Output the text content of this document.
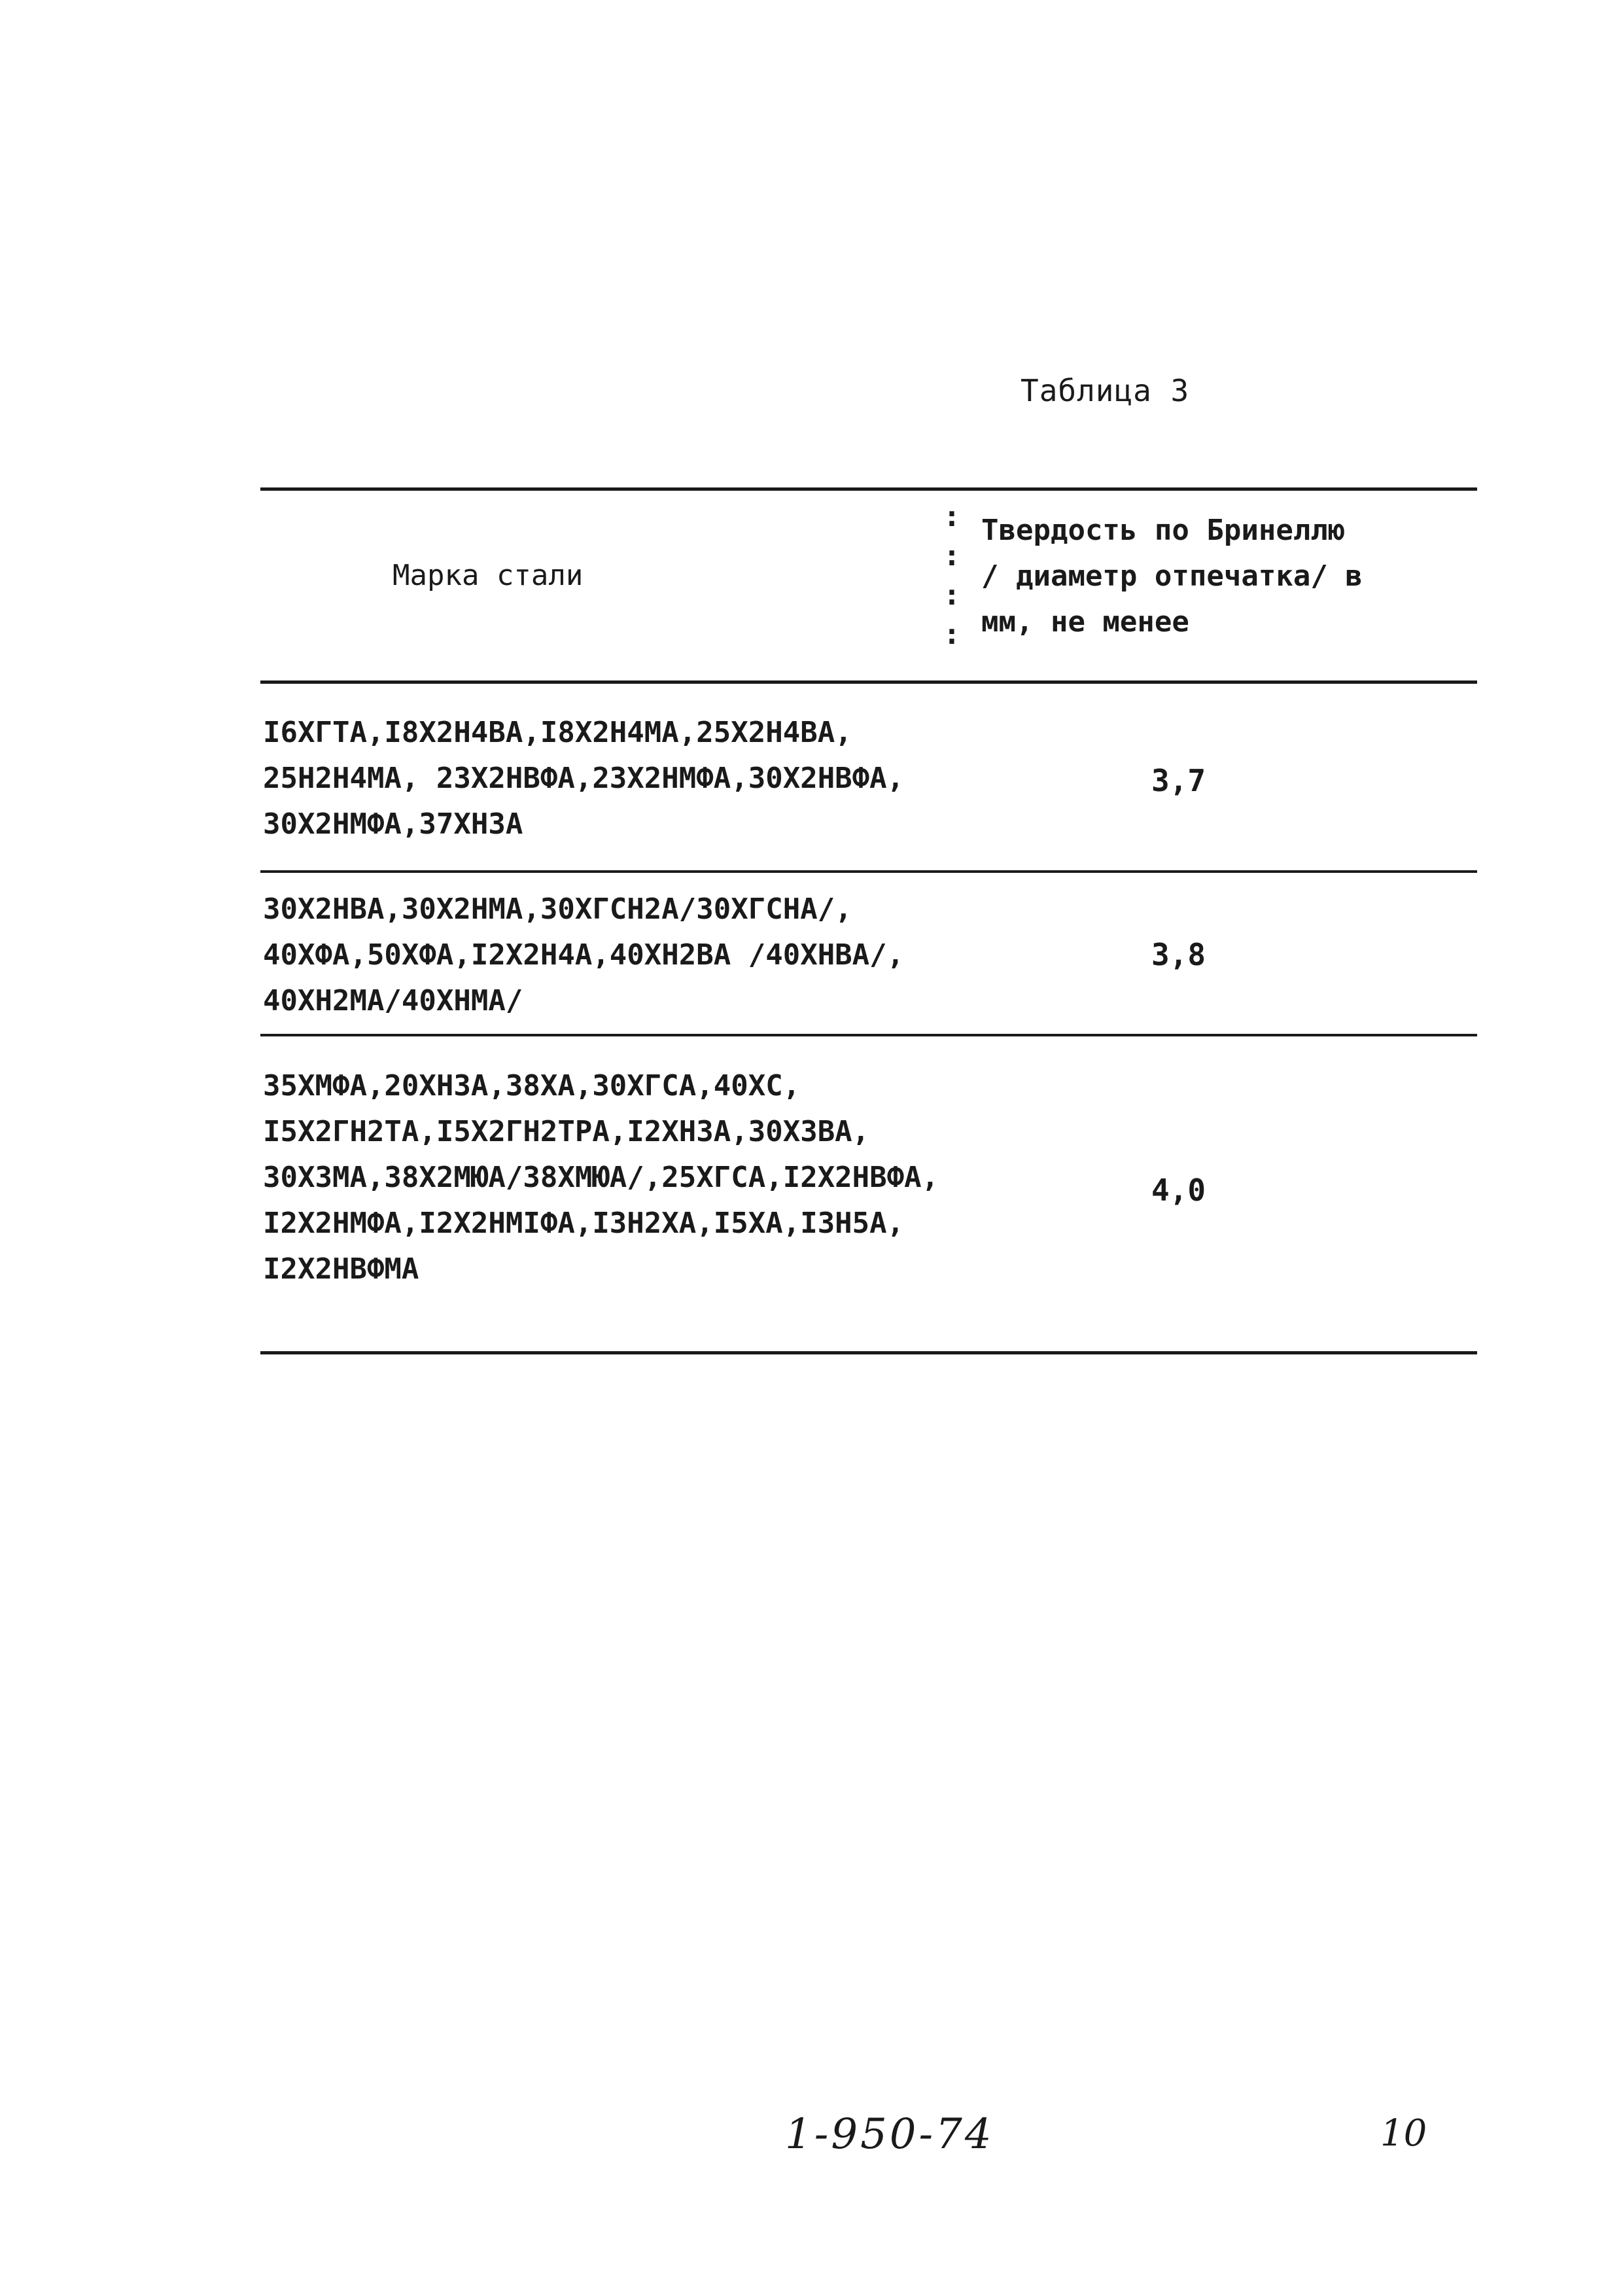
Таблица 3
Марка стали
:
:
:
:
Твердость по Бринеллю
/ диаметр отпечатка/ в
мм, не менее
I6ХГТА,I8Х2Н4ВА,I8Х2Н4МА,25Х2Н4ВА,
25Н2Н4МА, 23Х2НВФА,23Х2НМФА,30Х2НВФА,
30Х2НМФА,37ХН3А
3,7
30Х2НВА,30Х2НМА,30ХГСН2А/30ХГСНА/,
40ХФА,50ХФА,I2Х2Н4А,40ХН2ВА /40ХНВА/,
40ХН2МА/40ХНМА/
3,8
35ХМФА,20ХН3А,38ХА,30ХГСА,40ХС,
I5Х2ГН2ТА,I5Х2ГН2ТРА,I2ХН3А,30Х3ВА,
30Х3МА,38Х2МЮА/38ХМЮА/,25ХГСА,I2Х2НВФА,
I2Х2НМФА,I2Х2НМIФА,I3Н2ХА,I5ХА,I3Н5А,
I2Х2НВФМА
4,0
1-950-74	10
